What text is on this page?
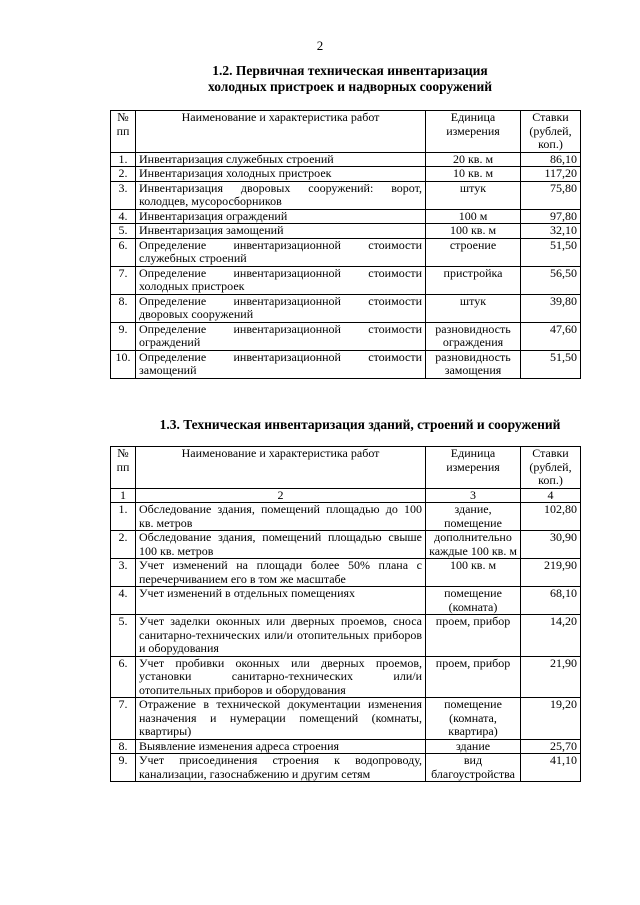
2
1.2. Первичная техническая инвентаризация
холодных пристроек и надворных сооружений
№ пп	Наименование и характеристика работ	Единица измерения	Ставки (рублей, коп.)
1.	Инвентаризация служебных строений	20 кв. м	86,10
2.	Инвентаризация холодных пристроек	10 кв. м	117,20
3.	Инвентаризация дворовых сооружений: ворот, колодцев, мусоросборников	штук	75,80
4.	Инвентаризация ограждений	100 м	97,80
5.	Инвентаризация замощений	100 кв. м	32,10
6.	Определение инвентаризационной стоимости служебных строений	строение	51,50
7.	Определение инвентаризационной стоимости холодных пристроек	пристройка	56,50
8.	Определение инвентаризационной стоимости дворовых сооружений	штук	39,80
9.	Определение инвентаризационной стоимости ограждений	разновидность ограждения	47,60
10.	Определение инвентаризационной стоимости замощений	разновидность замощения	51,50
1.3. Техническая инвентаризация зданий, строений и сооружений
№ пп	Наименование и характеристика работ	Единица измерения	Ставки (рублей, коп.)
1	2	3	4
1.	Обследование здания, помещений площадью до 100 кв. метров	здание, помещение	102,80
2.	Обследование здания, помещений площадью свыше 100 кв. метров	дополнительно каждые 100 кв. м	30,90
3.	Учет изменений на площади более 50% плана с перечерчиванием его в том же масштабе	100 кв. м	219,90
4.	Учет изменений в отдельных помещениях	помещение (комната)	68,10
5.	Учет заделки оконных или дверных проемов, сноса санитарно-технических или/и отопительных приборов и оборудования	проем, прибор	14,20
6.	Учет пробивки оконных или дверных проемов, установки санитарно-технических или/и отопительных приборов и оборудования	проем, прибор	21,90
7.	Отражение в технической документации изменения назначения и нумерации помещений (комнаты, квартиры)	помещение (комната, квартира)	19,20
8.	Выявление изменения адреса строения	здание	25,70
9.	Учет присоединения строения к водопроводу, канализации, газоснабжению и другим сетям	вид благоустройства	41,10
